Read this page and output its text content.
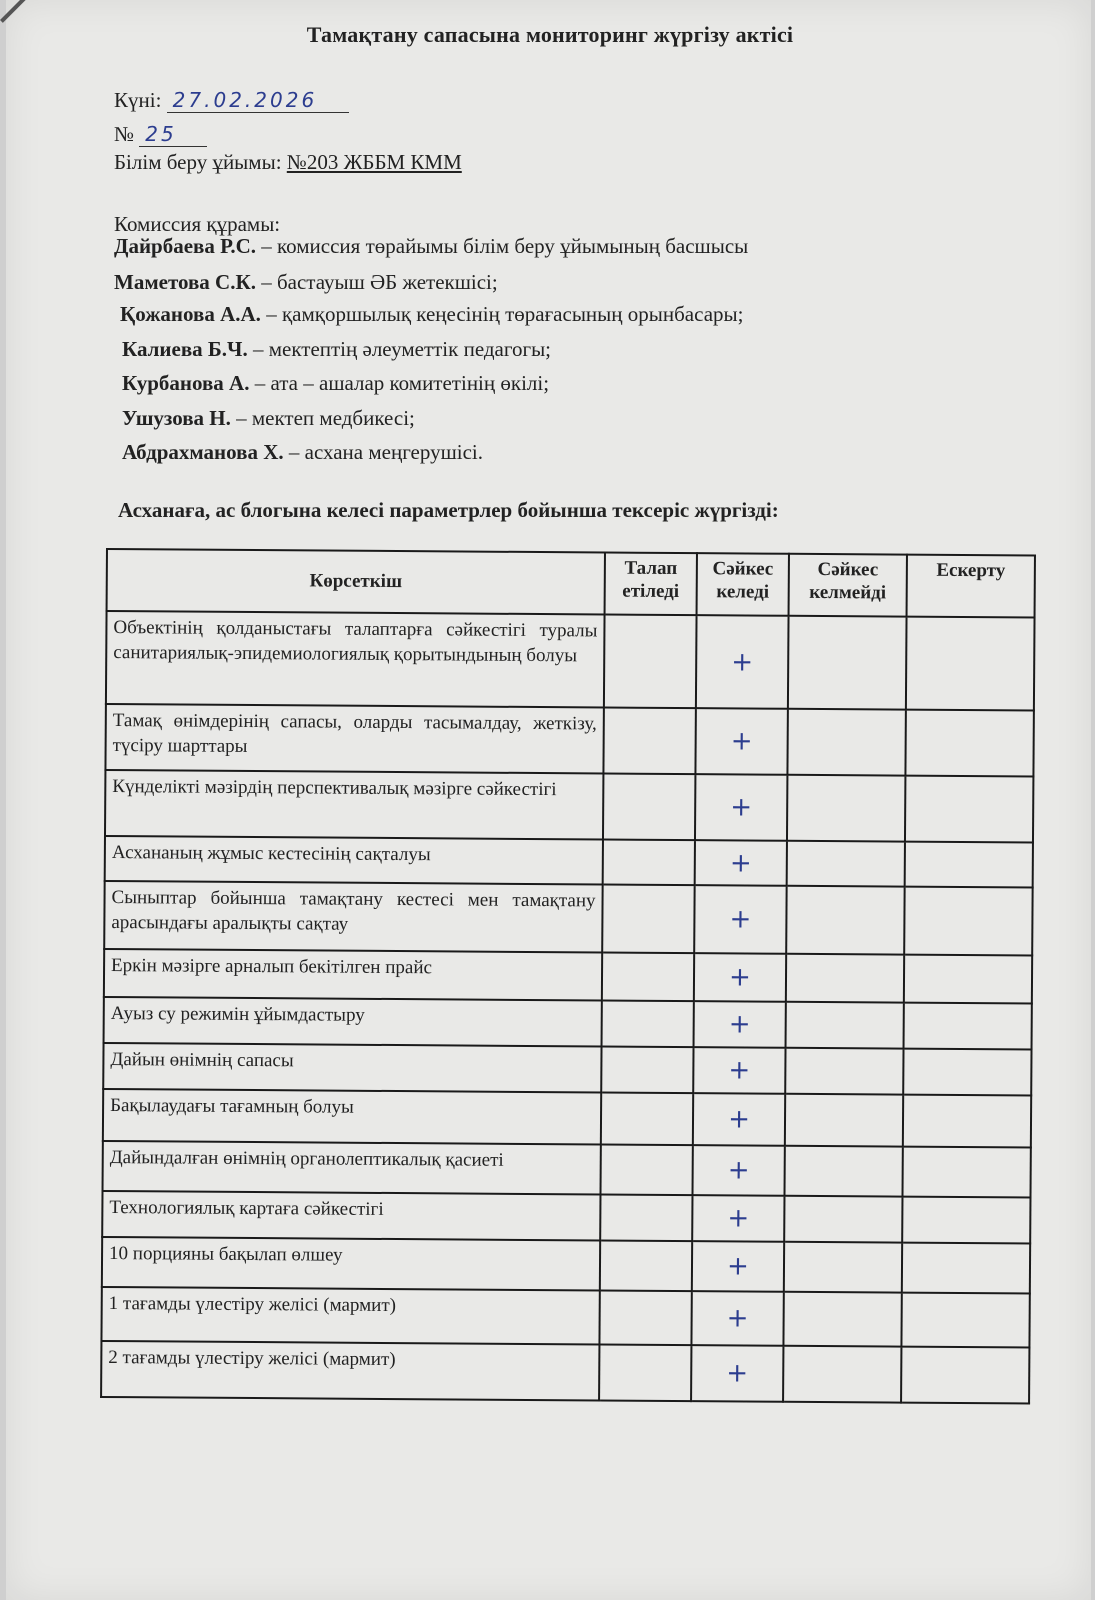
Тамақтану сапасына мониторинг жүргізу актісі
Күні: 27.02.2026
№ 25
Білім беру ұйымы: №203 ЖББМ КММ
Комиссия құрамы:
Дайрбаева Р.С. – комиссия төрайымы білім беру ұйымының басшысы
Маметова С.К. – бастауыш ӘБ жетекшісі;
Қожанова А.А. – қамқоршылық кеңесінің төрағасының орынбасары;
Калиева Б.Ч. – мектептің әлеуметтік педагогы;
Курбанова А. – ата – ашалар комитетінің өкілі;
Ушузова Н. – мектеп медбикесі;
Абдрахманова Х. – асхана меңгерушісі.
Асханаға, ас блогына келесі параметрлер бойынша тексеріс жүргізді:
Көрсеткіш	Талап етіледі	Сәйкес келеді	Сәйкес келмейді	Ескерту
Объектінің қолданыстағы талаптарға сәйкестігі туралы санитариялық-эпидемиологиялық қорытындының болуы		+		
Тамақ өнімдерінің сапасы, оларды тасымалдау, жеткізу, түсіру шарттары		+		
Күнделікті мәзірдің перспективалық мәзірге сәйкестігі		+		
Асхананың жұмыс кестесінің сақталуы		+		
Сыныптар бойынша тамақтану кестесі мен тамақтану арасындағы аралықты сақтау		+		
Еркін мәзірге арналып бекітілген прайс		+		
Ауыз су режимін ұйымдастыру		+		
Дайын өнімнің сапасы		+		
Бақылаудағы тағамның болуы		+		
Дайындалған өнімнің органолептикалық қасиеті		+		
Технологиялық картаға сәйкестігі		+		
10 порцияны бақылап өлшеу		+		
1 тағамды үлестіру желісі (мармит)		+		
2 тағамды үлестіру желісі (мармит)		+		
